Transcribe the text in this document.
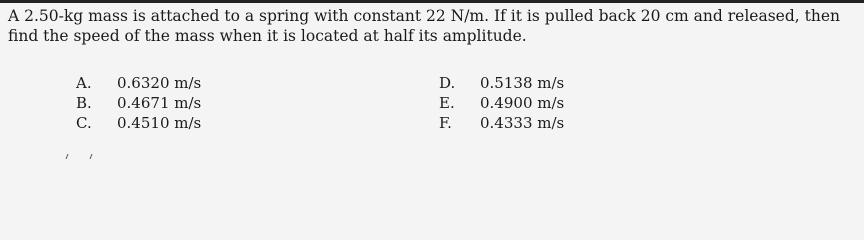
A 2.50-kg mass is attached to a spring with constant 22 N/m. If it is pulled back 20 cm and released, then
find the speed of the mass when it is located at half its amplitude.
A. 0.6320 m/s
B. 0.4671 m/s
C. 0.4510 m/s
D. 0.5138 m/s
E. 0.4900 m/s
F. 0.4333 m/s
